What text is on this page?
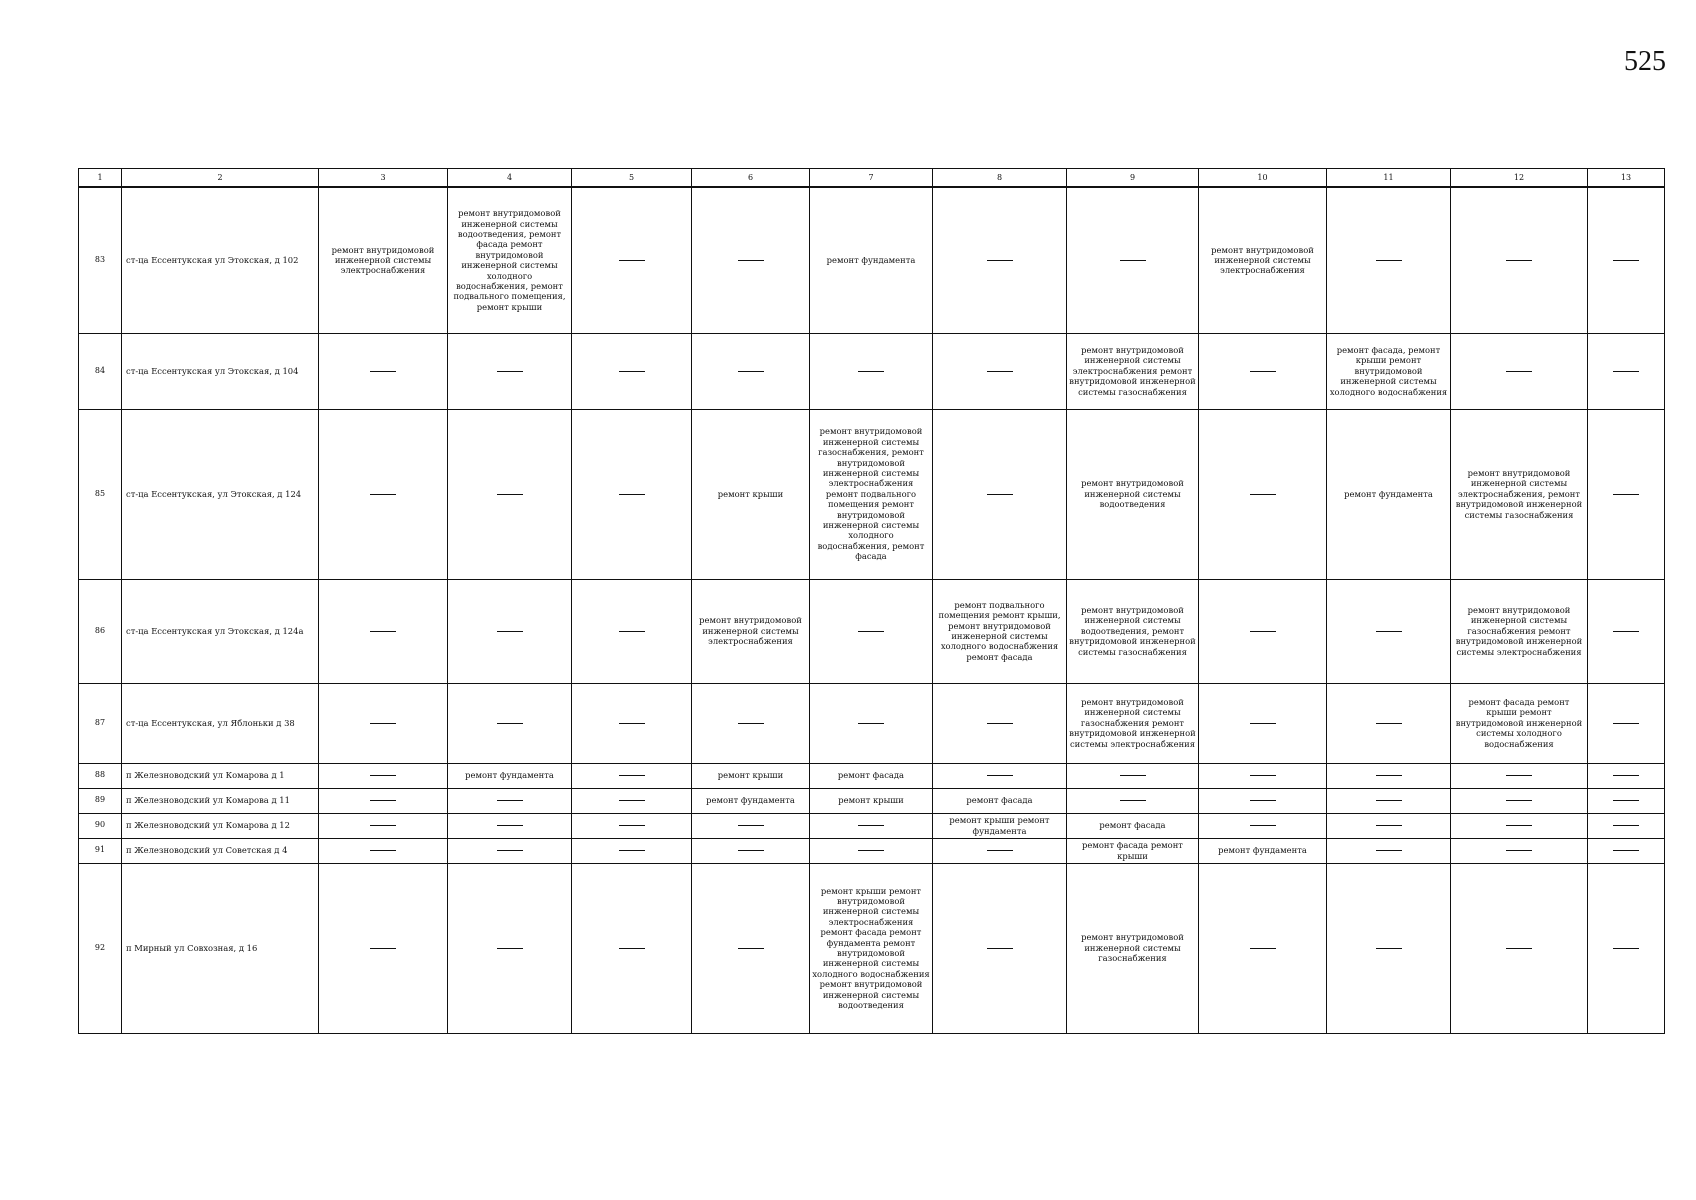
525
1	2	3	4	5	6	7	8	9	10	11	12	13
83	ст-ца Ессентукская ул Этокская, д 102	ремонт внутридомовой инженерной системы электроснабжения	ремонт внутридомовой инженерной системы водоотведения, ремонт фасада ремонт внутридомовой инженерной системы холодного водоснабжения, ремонт подвального помещения, ремонт крыши			ремонт фундамента			ремонт внутридомовой инженерной системы электроснабжения			
84	ст-ца Ессентукская ул Этокская, д 104							ремонт внутридомовой инженерной системы электроснабжения ремонт внутридомовой инженерной системы газоснабжения		ремонт фасада, ремонт крыши ремонт внутридомовой инженерной системы холодного водоснабжения		
85	ст-ца Ессентукская, ул Этокская, д 124				ремонт крыши	ремонт внутридомовой инженерной системы газоснабжения, ремонт внутридомовой инженерной системы электроснабжения ремонт подвального помещения ремонт внутридомовой инженерной системы холодного водоснабжения, ремонт фасада		ремонт внутридомовой инженерной системы водоотведения		ремонт фундамента	ремонт внутридомовой инженерной системы электроснабжения, ремонт внутридомовой инженерной системы газоснабжения	
86	ст-ца Ессентукская ул Этокская, д 124а				ремонт внутридомовой инженерной системы электроснабжения		ремонт подвального помещения ремонт крыши, ремонт внутридомовой инженерной системы холодного водоснабжения ремонт фасада	ремонт внутридомовой инженерной системы водоотведения, ремонт внутридомовой инженерной системы газоснабжения			ремонт внутридомовой инженерной системы газоснабжения ремонт внутридомовой инженерной системы электроснабжения	
87	ст-ца Ессентукская, ул Яблоньки д 38							ремонт внутридомовой инженерной системы газоснабжения ремонт внутридомовой инженерной системы электроснабжения			ремонт фасада ремонт крыши ремонт внутридомовой инженерной системы холодного водоснабжения	
88	п Железноводский ул Комарова д 1		ремонт фундамента		ремонт крыши	ремонт фасада						
89	п Железноводский ул Комарова д 11				ремонт фундамента	ремонт крыши	ремонт фасада					
90	п Железноводский ул Комарова д 12						ремонт крыши ремонт фундамента	ремонт фасада				
91	п Железноводский ул Советская д 4							ремонт фасада ремонт крыши	ремонт фундамента			
92	п Мирный ул Совхозная, д 16					ремонт крыши ремонт внутридомовой инженерной системы электроснабжения ремонт фасада ремонт фундамента ремонт внутридомовой инженерной системы холодного водоснабжения ремонт внутридомовой инженерной системы водоотведения		ремонт внутридомовой инженерной системы газоснабжения				
